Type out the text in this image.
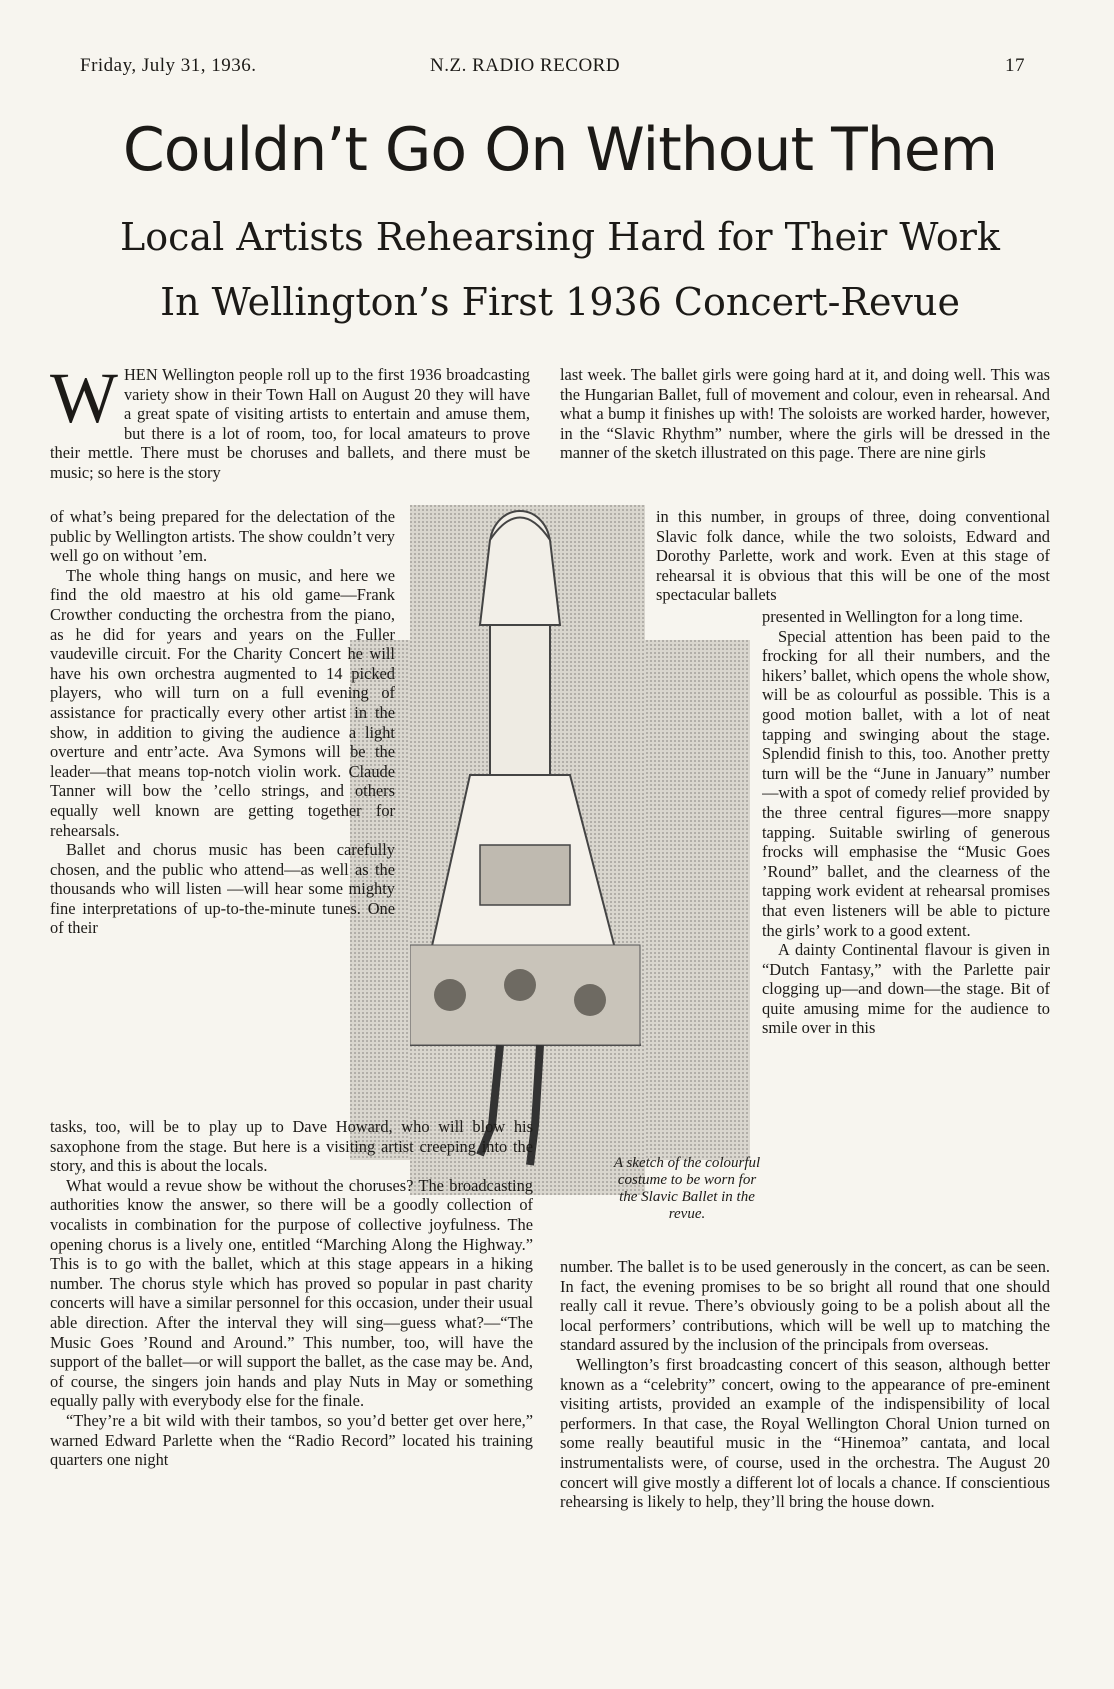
Friday, July 31, 1936.	N.Z. RADIO RECORD	17
Couldn’t Go On Without Them
Local Artists Rehearsing Hard for Their Work
In Wellington’s First 1936 Concert-Revue
W HEN Wellington people roll up to the first 1936 broadcasting variety show in their Town Hall on August 20 they will have a great spate of visiting artists to entertain and amuse them, but there is a lot of room, too, for local amateurs to prove their mettle. There must be choruses and ballets, and there must be music; so here is the story

of what’s being prepared for the delectation of the public by Wellington artists. The show couldn’t very well go on without ’em.

The whole thing hangs on music, and here we find the old maestro at his old game—Frank Crowther conducting the orchestra from the piano, as he did for years and years on the Fuller vaudeville circuit. For the Charity Concert he will have his own orchestra augmented to 14 picked players, who will turn on a full evening of assistance for practically every other artist in the show, in addition to giving the audience a light overture and entr’acte. Ava Symons will be the leader—that means top-notch violin work. Claude Tanner will bow the ’cello strings, and others equally well known are getting together for rehearsals.

Ballet and chorus music has been carefully chosen, and the public who attend—as well as the thousands who will listen —will hear some mighty fine interpretations of up-to-the-minute tunes. One of their

tasks, too, will be to play up to Dave Howard, who will blow his saxophone from the stage. But here is a visiting artist creeping into the story, and this is about the locals.

What would a revue show be without the choruses? The broadcasting authorities know the answer, so there will be a goodly collection of vocalists in combination for the purpose of collective joyfulness. The opening chorus is a lively one, entitled “Marching Along the Highway.” This is to go with the ballet, which at this stage appears in a hiking number. The chorus style which has proved so popular in past charity concerts will have a similar personnel for this occasion, under their usual able direction. After the interval they will sing—guess what?—“The Music Goes ’Round and Around.” This number, too, will have the support of the ballet—or will support the ballet, as the case may be. And, of course, the singers join hands and play Nuts in May or something equally pally with everybody else for the finale.

“They’re a bit wild with their tambos, so you’d better get over here,” warned Edward Parlette when the “Radio Record” located his training quarters one night

last week. The ballet girls were going hard at it, and doing well. This was the Hungarian Ballet, full of movement and colour, even in rehearsal. And what a bump it finishes up with! The soloists are worked harder, however, in the “Slavic Rhythm” number, where the girls will be dressed in the manner of the sketch illustrated on this page. There are nine girls

in this number, in groups of three, doing conventional Slavic folk dance, while the two soloists, Edward and Dorothy Parlette, work and work. Even at this stage of rehearsal it is obvious that this will be one of the most spectacular ballets

presented in Wellington for a long time.

Special attention has been paid to the frocking for all their numbers, and the hikers’ ballet, which opens the whole show, will be as colourful as possible. This is a good motion ballet, with a lot of neat tapping and swinging about the stage. Splendid finish to this, too. Another pretty turn will be the “June in January” number—with a spot of comedy relief provided by the three central figures—more snappy tapping. Suitable swirling of generous frocks will emphasise the “Music Goes ’Round” ballet, and the clearness of the tapping work evident at rehearsal promises that even listeners will be able to picture the girls’ work to a good extent.

A dainty Continental flavour is given in “Dutch Fantasy,” with the Parlette pair clogging up—and down—the stage. Bit of quite amusing mime for the audience to smile over in this

A sketch of the colourful costume to be worn for the Slavic Ballet in the revue.

number. The ballet is to be used generously in the concert, as can be seen. In fact, the evening promises to be so bright all round that one should really call it revue. There’s obviously going to be a polish about all the local performers’ contributions, which will be well up to matching the standard assured by the inclusion of the principals from overseas.

Wellington’s first broadcasting concert of this season, although better known as a “celebrity” concert, owing to the appearance of pre-eminent visiting artists, provided an example of the indispensibility of local performers. In that case, the Royal Wellington Choral Union turned on some really beautiful music in the “Hinemoa” cantata, and local instrumentalists were, of course, used in the orchestra. The August 20 concert will give mostly a different lot of locals a chance. If conscientious rehearsing is likely to help, they’ll bring the house down.
